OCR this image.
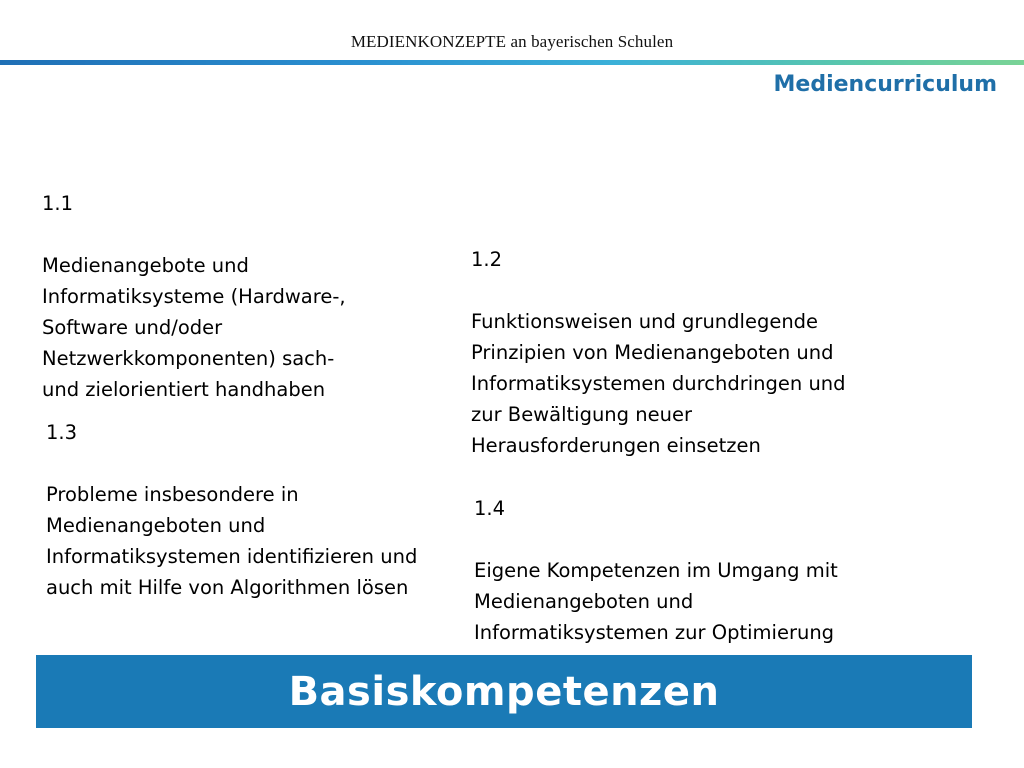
MEDIENKONZEPTE an bayerischen Schulen
Mediencurriculum

1.1

Medienangebote und
Informatiksysteme (Hardware-,
Software und/oder
Netzwerkkomponenten) sach-
und zielorientiert handhaben

1.2

Funktionsweisen und grundlegende
Prinzipien von Medienangeboten und
Informatiksystemen durchdringen und
zur Bewältigung neuer
Herausforderungen einsetzen

1.3

Probleme insbesondere in
Medienangeboten und
Informatiksystemen identifizieren und
auch mit Hilfe von Algorithmen lösen

1.4

Eigene Kompetenzen im Umgang mit
Medienangeboten und
Informatiksystemen zur Optimierung

Basiskompetenzen
